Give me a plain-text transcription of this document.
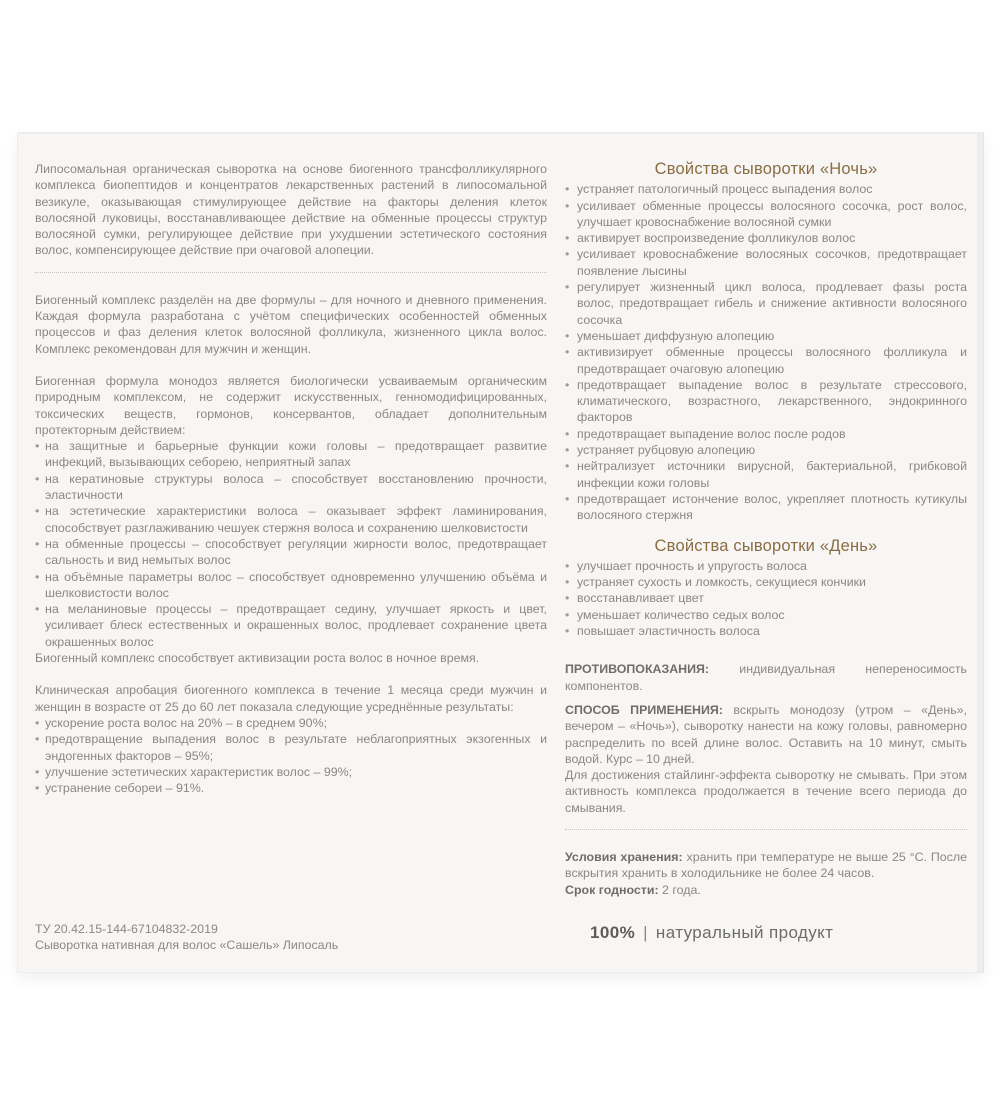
Липосомальная органическая сыворотка на основе биогенного трансфолликулярного комплекса биопептидов и концентратов лекарственных растений в липосомальной везикуле, оказывающая стимулирующее действие на факторы деления клеток волосяной луковицы, восстанавливающее действие на обменные процессы структур волосяной сумки, регулирующее действие при ухудшении эстетического состояния волос, компенсирующее действие при очаговой алопеции.

Биогенный комплекс разделён на две формулы – для ночного и дневного применения. Каждая формула разработана с учётом специфических особенностей обменных процессов и фаз деления клеток волосяной фолликула, жизненного цикла волос. Комплекс рекомендован для мужчин и женщин.

Биогенная формула монодоз является биологически усваиваемым органическим природным комплексом, не содержит искусственных, генномодифицированных, токсических веществ, гормонов, консервантов, обладает дополнительным протекторным действием:

• на защитные и барьерные функции кожи головы – предотвращает развитие инфекций, вызывающих себорею, неприятный запах
• на кератиновые структуры волоса – способствует восстановлению прочности, эластичности
• на эстетические характеристики волоса – оказывает эффект ламинирования, способствует разглаживанию чешуек стержня волоса и сохранению шелковистости
• на обменные процессы – способствует регуляции жирности волос, предотвращает сальность и вид немытых волос
• на объёмные параметры волос – способствует одновременно улучшению объёма и шелковистости волос
• на меланиновые процессы – предотвращает седину, улучшает яркость и цвет, усиливает блеск естественных и окрашенных волос, продлевает сохранение цвета окрашенных волос

Биогенный комплекс способствует активизации роста волос в ночное время.

Клиническая апробация биогенного комплекса в течение 1 месяца среди мужчин и женщин в возрасте от 25 до 60 лет показала следующие усреднённые результаты:

• ускорение роста волос на 20% – в среднем 90%;
• предотвращение выпадения волос в результате неблагоприятных экзогенных и эндогенных факторов – 95%;
• улучшение эстетических характеристик волос – 99%;
• устранение себореи – 91%.
ТУ 20.42.15-144-67104832-2019
Сыворотка нативная для волос «Сашель» Липосаль
Свойства сыворотки «Ночь»
• устраняет патологичный процесс выпадения волос
• усиливает обменные процессы волосяного сосочка, рост волос, улучшает кровоснабжение волосяной сумки
• активирует воспроизведение фолликулов волос
• усиливает кровоснабжение волосяных сосочков, предотвращает появление лысины
• регулирует жизненный цикл волоса, продлевает фазы роста волос, предотвращает гибель и снижение активности волосяного сосочка
• уменьшает диффузную алопецию
• активизирует обменные процессы волосяного фолликула и предотвращает очаговую алопецию
• предотвращает выпадение волос в результате стрессового, климатического, возрастного, лекарственного, эндокринного факторов
• предотвращает выпадение волос после родов
• устраняет рубцовую алопецию
• нейтрализует источники вирусной, бактериальной, грибковой инфекции кожи головы
• предотвращает истончение волос, укрепляет плотность кутикулы волосяного стержня
Свойства сыворотки «День»
• улучшает прочность и упругость волоса
• устраняет сухость и ломкость, секущиеся кончики
• восстанавливает цвет
• уменьшает количество седых волос
• повышает эластичность волоса

ПРОТИВОПОКАЗАНИЯ: индивидуальная непереносимость компонентов.

СПОСОБ ПРИМЕНЕНИЯ: вскрыть монодозу (утром – «День», вечером – «Ночь»), сыворотку нанести на кожу головы, равномерно распределить по всей длине волос. Оставить на 10 минут, смыть водой. Курс – 10 дней.

Для достижения стайлинг-эффекта сыворотку не смывать. При этом активность комплекса продолжается в течение всего периода до смывания.

Условия хранения: хранить при температуре не выше 25 °С. После вскрытия хранить в холодильнике не более 24 часов.

Срок годности: 2 года.

100% | натуральный продукт
